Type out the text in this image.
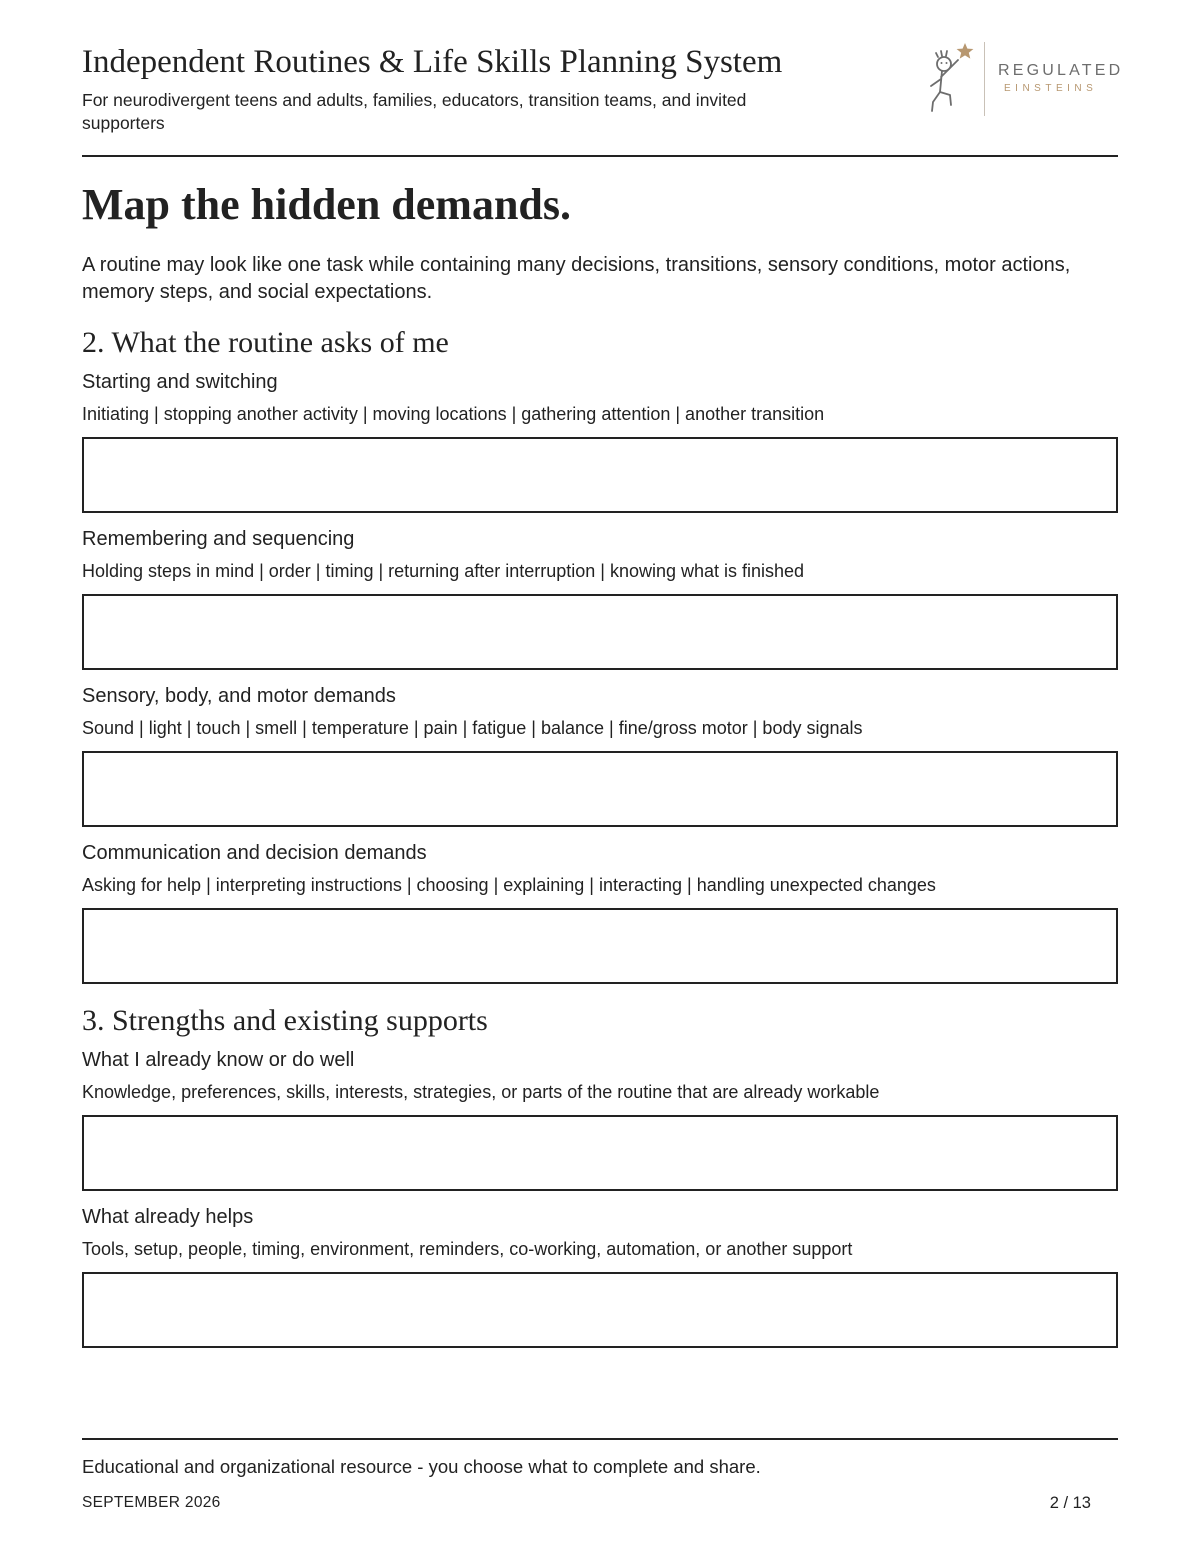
Independent Routines & Life Skills Planning System
For neurodivergent teens and adults, families, educators, transition teams, and invited supporters
REGULATED
EINSTEINS
Map the hidden demands.
A routine may look like one task while containing many decisions, transitions, sensory conditions, motor actions, memory steps, and social expectations.
2. What the routine asks of me
Starting and switching
Initiating | stopping another activity | moving locations | gathering attention | another transition
Remembering and sequencing
Holding steps in mind | order | timing | returning after interruption | knowing what is finished
Sensory, body, and motor demands
Sound | light | touch | smell | temperature | pain | fatigue | balance | fine/gross motor | body signals
Communication and decision demands
Asking for help | interpreting instructions | choosing | explaining | interacting | handling unexpected changes
3. Strengths and existing supports
What I already know or do well
Knowledge, preferences, skills, interests, strategies, or parts of the routine that are already workable
What already helps
Tools, setup, people, timing, environment, reminders, co-working, automation, or another support
Educational and organizational resource - you choose what to complete and share.
SEPTEMBER 2026	2 / 13
